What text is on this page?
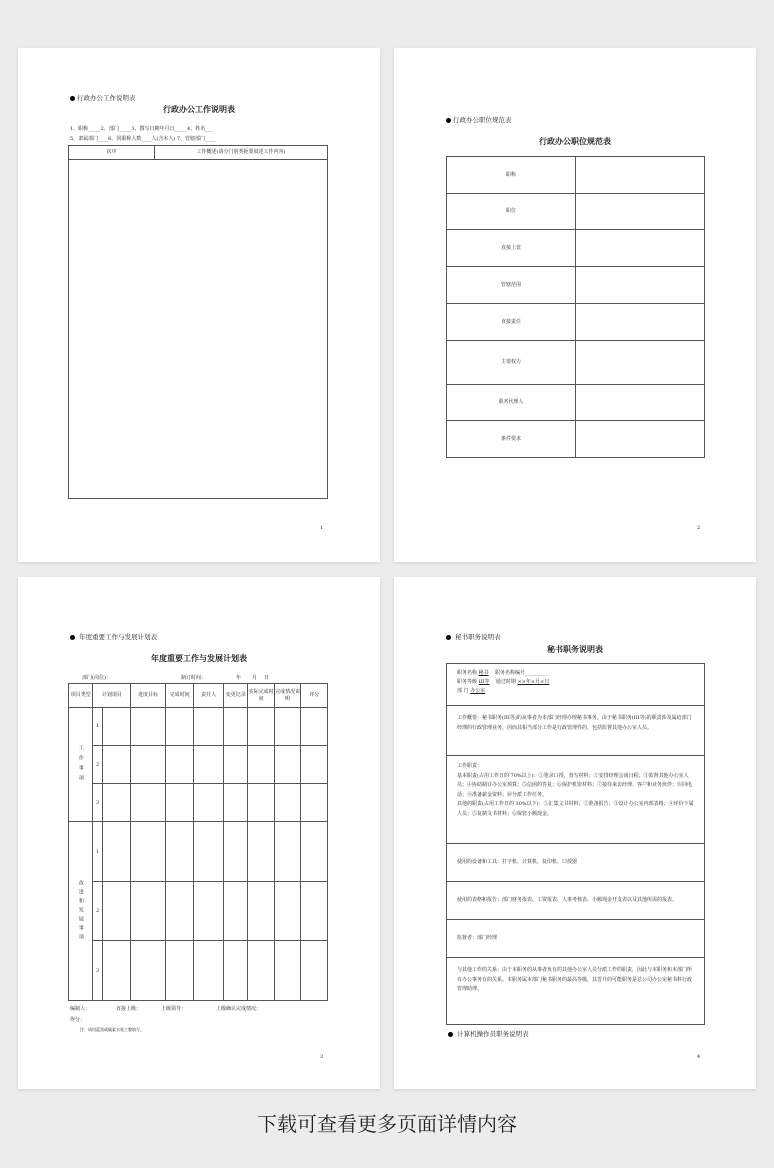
行政办公工作说明表
行政办公工作说明表
1、职称_____2、部门_____3、撰写日期年月日_____4、姓名___
5、隶属部门____6、同职称人数____人(含本人) 7、管辖部门____
次序	工作概述(请分门别类扼要叙述工作内容)

1
行政办公职位规范表
行政办公职位规范表
职称	
职位	
直接上管	
管辖范围	
直接责任	
主要权力	
职务代理人	
条件要求	
2
年度重要工作与发展计划表
年度重要工作与发展计划表
部门(岗位)：	制订时间：	年 月 日
项目类型	计划项目		进度目标	完成时间	责任人	变更记录	实际完成时间	完成情况说明	评分
工作事项	1								
	2								
	3								
改进和发展事项	1								
	2								
	3								
编制人：	直接上级：	上级领导：	上级确认完成情况：
得分：
注：请用蓝黑或碳素水笔工整填写。
3
秘书职务说明表
秘书职务说明表
职务名称 秘书 职务名称编号_________
职务等级 III等 通过时期 ××年×月×日
部 门 办公室

工作概要：秘书职务(III等)的从事者为本部门经理办理秘书事务。由于秘书职务(III等)的职责涉及属给部门经理的行政管理业务，因而其相当部分工作是行政管理性的，包括监督其他办公室人员。

工作职责：
基本职责(占用工作日的 70%以上)：①笔录口授、誊写材料；②安排经理会谈日程；③监督其他办公室人员；④协助制订办公室预算；⑤信函的答复；⑥保护机密材料；⑦接待来访经理、客户和业务伙伴；⑧回电话；⑨准备薪金资料；⑩分派工作任务。
其他的职责(占用工作日的 30%以下)：①汇集文书材料；②准备报告；③设计办公室内部表格；④评价下属人员；⑤复制文书材料；⑥保管小额现金。

使用的设备和工具：打字机、计算机、复印机、口授器
使用的表格和报告：部门财务报表、工资报表、人事考核表、小额现金开支表以及其他所需的报表。
监督者：部门经理
与其他工作的关系：由于本职务的从事者负有的其他办公室人员分派工作的职责，因此与本职务和本部门所有办公事务有的关系。本职务属本部门秘书职务的最高等级，其晋升的可能职务是总公司办公室秘书科行政管理助理。
计算机操作员职务说明表
4
下载可查看更多页面详情内容
